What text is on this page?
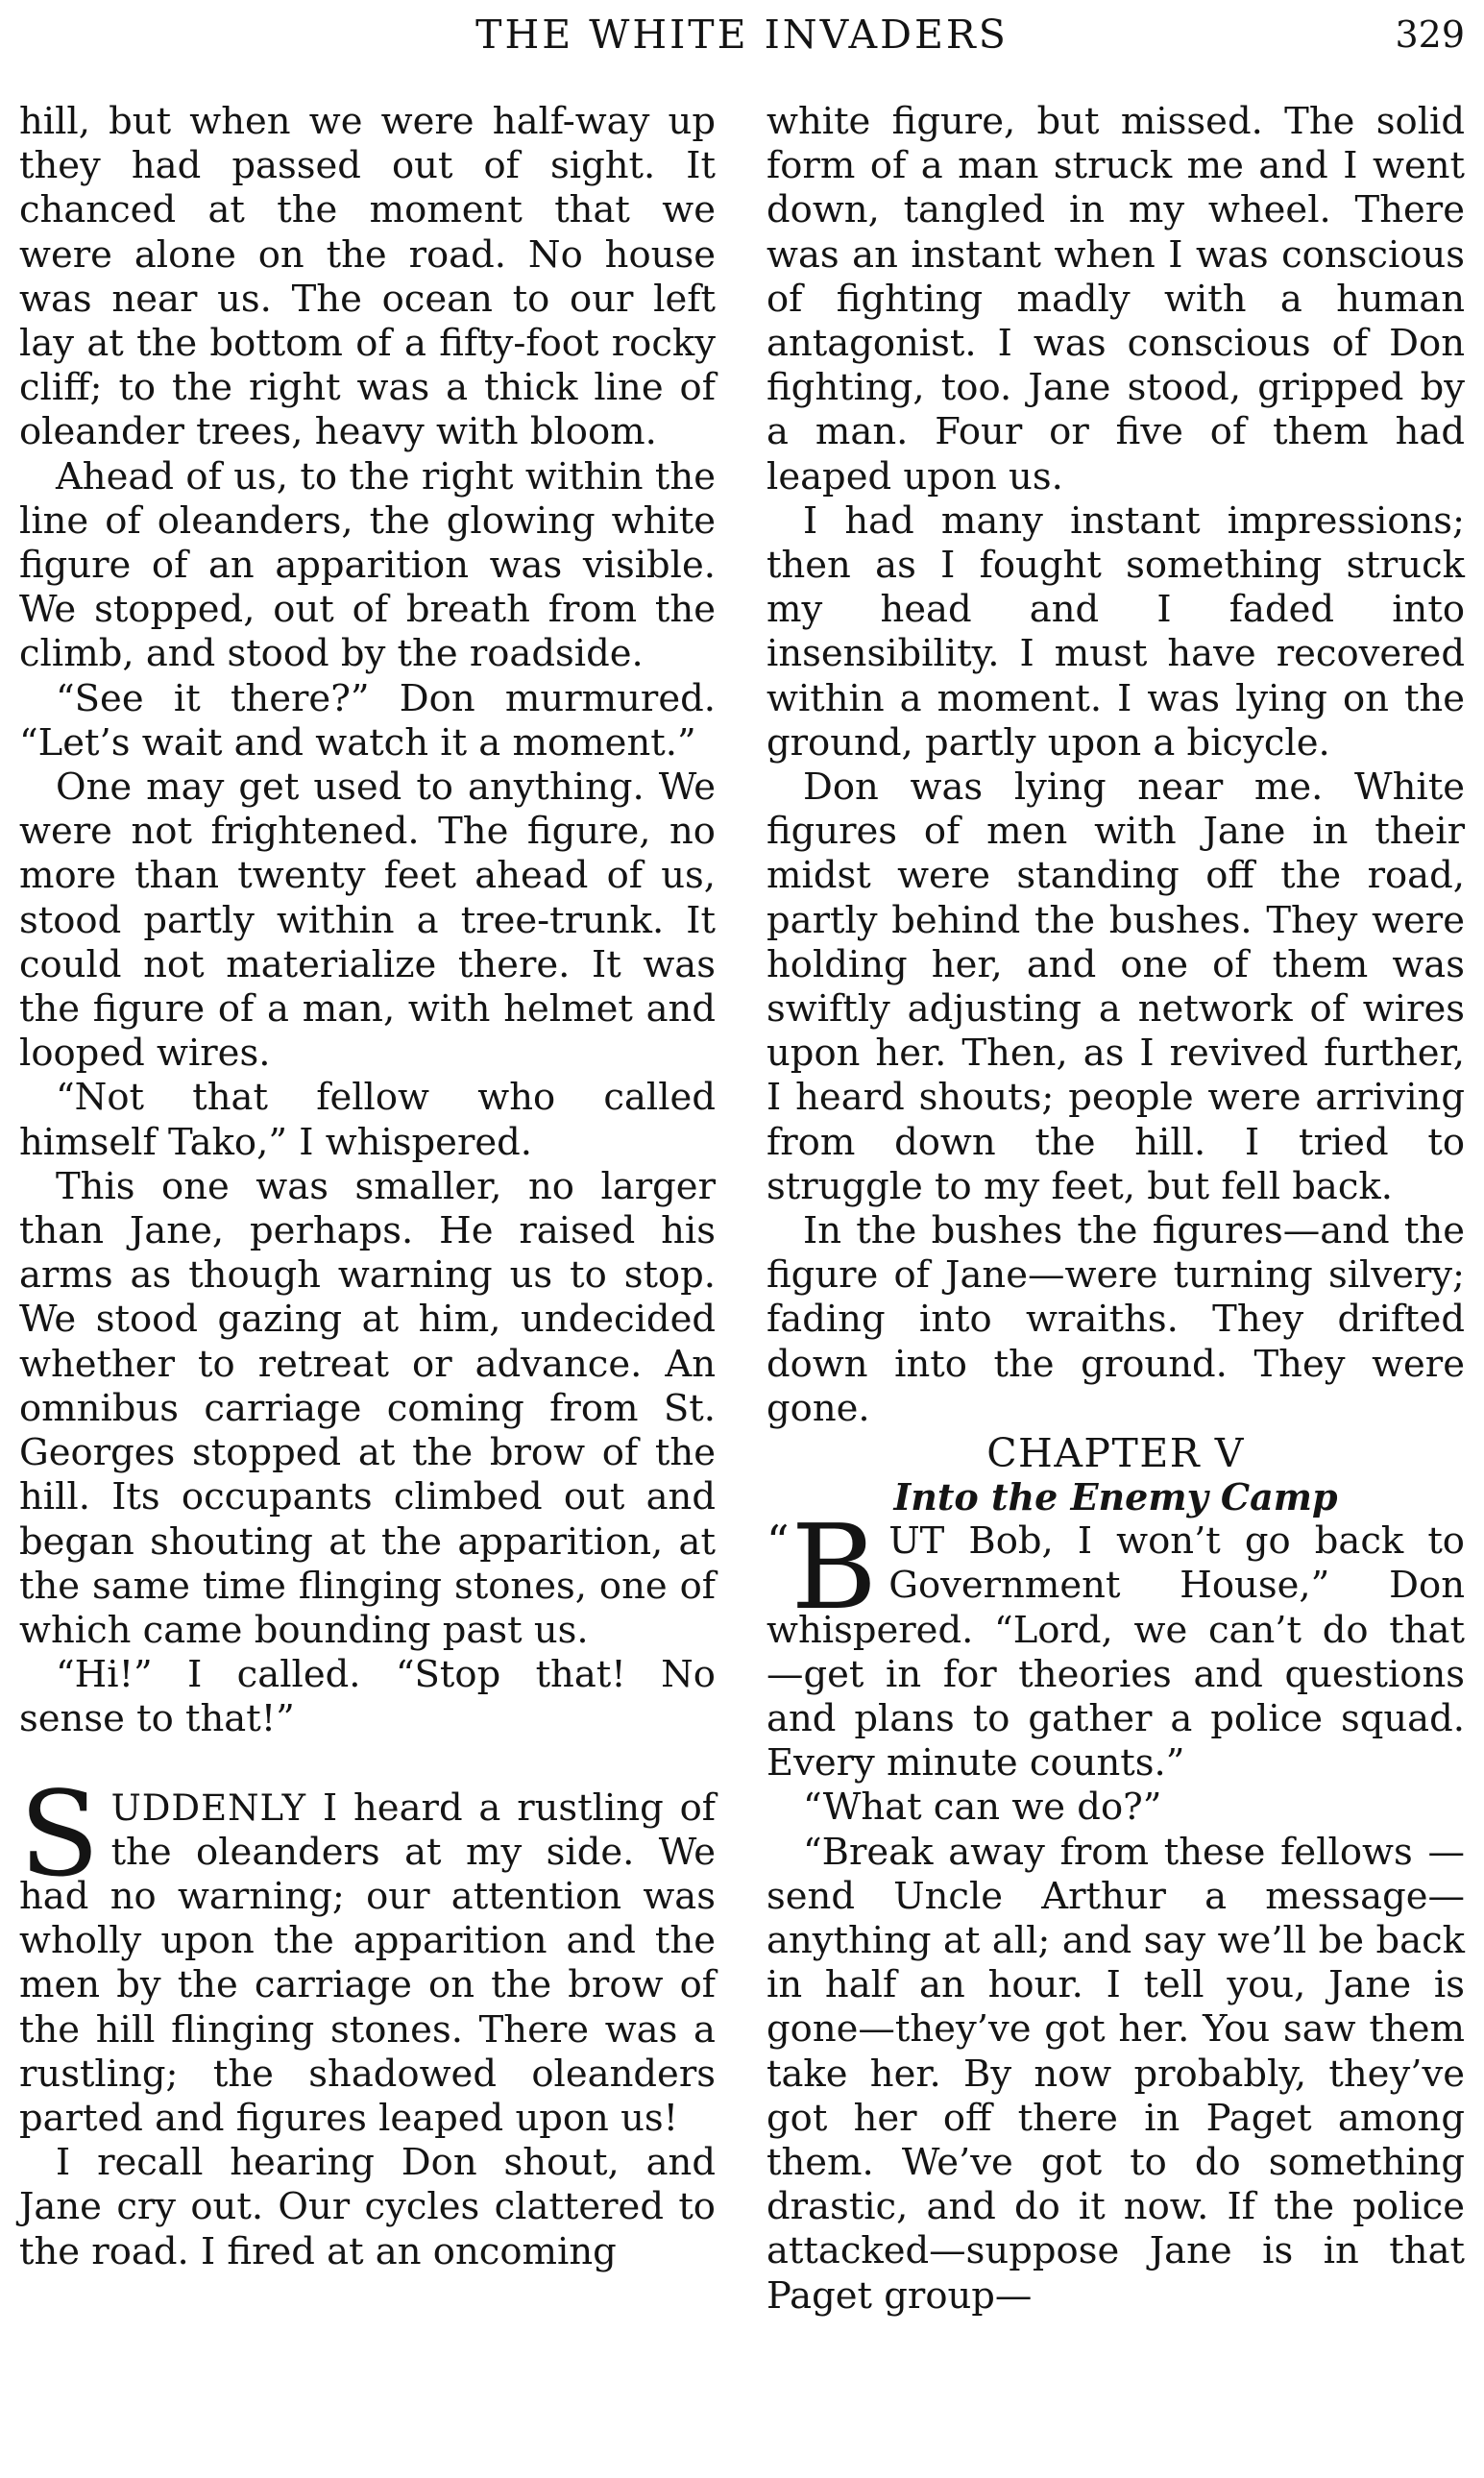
THE WHITE INVADERS	329

hill, but when we were half-way up they had passed out of sight. It chanced at the moment that we were alone on the road. No house was near us. The ocean to our left lay at the bottom of a fifty-foot rocky cliff; to the right was a thick line of oleander trees, heavy with bloom.

Ahead of us, to the right within the line of oleanders, the glowing white figure of an apparition was visible. We stopped, out of breath from the climb, and stood by the roadside.

“See it there?” Don murmured. “Let’s wait and watch it a moment.”

One may get used to anything. We were not frightened. The figure, no more than twenty feet ahead of us, stood partly within a tree-trunk. It could not materialize there. It was the figure of a man, with helmet and looped wires.

“Not that fellow who called himself Tako,” I whispered.

This one was smaller, no larger than Jane, perhaps. He raised his arms as though warning us to stop. We stood gazing at him, undecided whether to retreat or advance. An omnibus carriage coming from St. Georges stopped at the brow of the hill. Its occupants climbed out and began shouting at the apparition, at the same time flinging stones, one of which came bounding past us.

“Hi!” I called. “Stop that! No sense to that!”

SUDDENLY I heard a rustling of the oleanders at my side. We had no warning; our attention was wholly upon the apparition and the men by the carriage on the brow of the hill flinging stones. There was a rustling; the shadowed oleanders parted and figures leaped upon us!

I recall hearing Don shout, and Jane cry out. Our cycles clattered to the road. I fired at an oncoming

white figure, but missed. The solid form of a man struck me and I went down, tangled in my wheel. There was an instant when I was conscious of fighting madly with a human antagonist. I was conscious of Don fighting, too. Jane stood, gripped by a man. Four or five of them had leaped upon us.

I had many instant impressions; then as I fought something struck my head and I faded into insensibility. I must have recovered within a moment. I was lying on the ground, partly upon a bicycle.

Don was lying near me. White figures of men with Jane in their midst were standing off the road, partly behind the bushes. They were holding her, and one of them was swiftly adjusting a network of wires upon her. Then, as I revived further, I heard shouts; people were arriving from down the hill. I tried to struggle to my feet, but fell back.

In the bushes the figures—and the figure of Jane—were turning silvery; fading into wraiths. They drifted down into the ground. They were gone.

CHAPTER V

Into the Enemy Camp

“ B UT Bob, I won’t go back to Government House,” Don whispered. “Lord, we can’t do that —get in for theories and questions and plans to gather a police squad. Every minute counts.”

“What can we do?”

“Break away from these fellows —send Uncle Arthur a message— anything at all; and say we’ll be back in half an hour. I tell you, Jane is gone—they’ve got her. You saw them take her. By now probably, they’ve got her off there in Paget among them. We’ve got to do something drastic, and do it now. If the police attacked—suppose Jane is in that Paget group—
